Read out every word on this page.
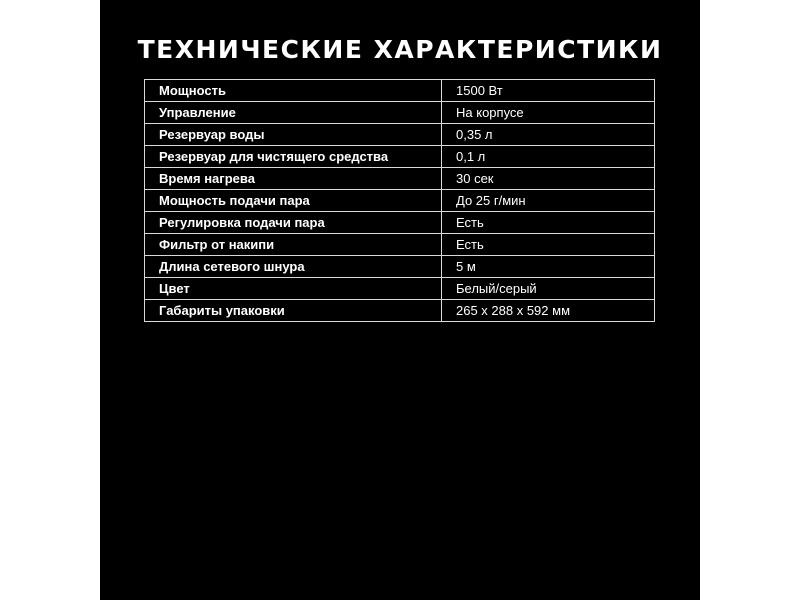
ТЕХНИЧЕСКИЕ ХАРАКТЕРИСТИКИ
Мощность	1500 Вт
Управление	На корпусе
Резервуар воды	0,35 л
Резервуар для чистящего средства	0,1 л
Время нагрева	30 сек
Мощность подачи пара	До 25 г/мин
Регулировка подачи пара	Есть
Фильтр от накипи	Есть
Длина сетевого шнура	5 м
Цвет	Белый/серый
Габариты упаковки	265 х 288 х 592 мм
